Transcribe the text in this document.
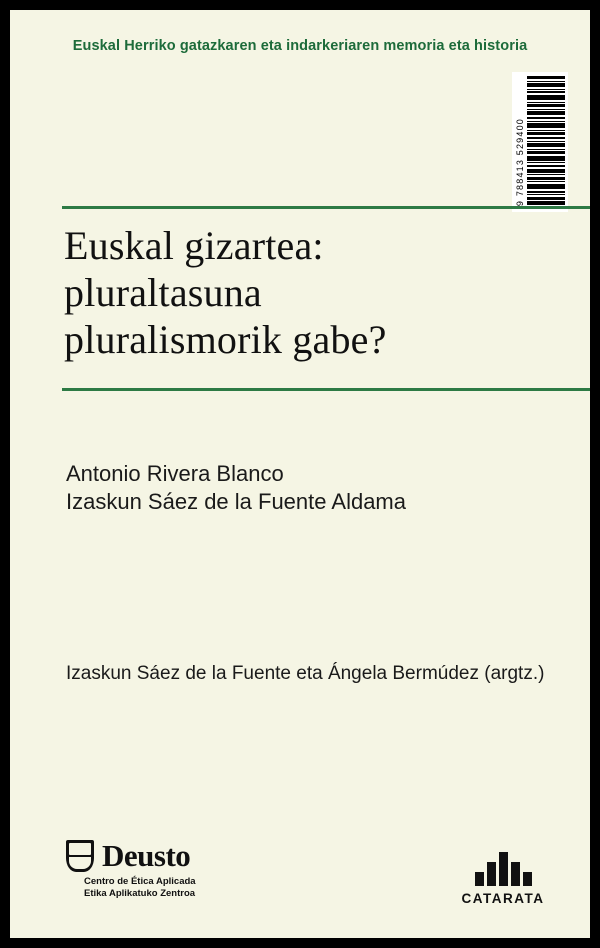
Euskal Herriko gatazkaren eta indarkeriaren memoria eta historia
9 788413 529400
Euskal gizartea:
pluraltasuna
pluralismorik gabe?
Antonio Rivera Blanco
Izaskun Sáez de la Fuente Aldama
Izaskun Sáez de la Fuente eta Ángela Bermúdez (argtz.)
Deusto
Centro de Ética Aplicada
Etika Aplikatuko Zentroa	CATARATA
